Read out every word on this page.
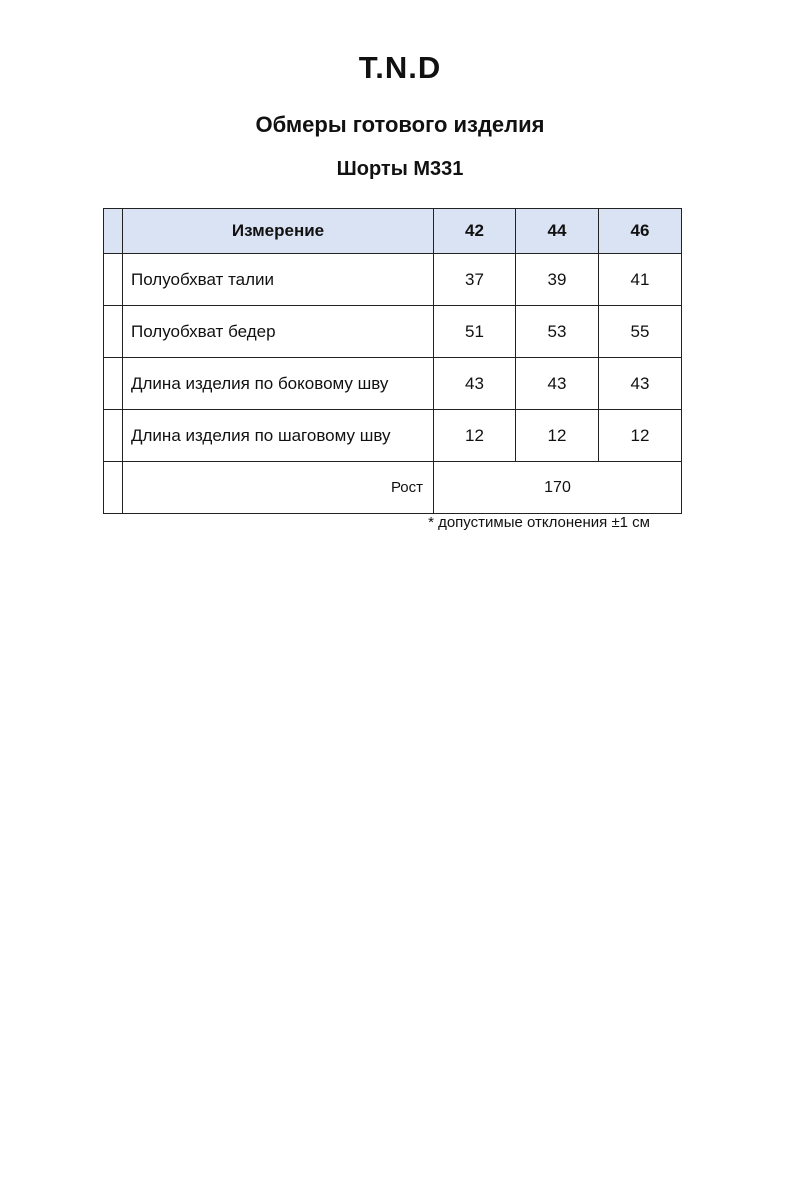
T.N.D
Обмеры готового изделия
Шорты М331
	Измерение	42	44	46
	Полуобхват талии	37	39	41
	Полуобхват бедер	51	53	55
	Длина изделия по боковому шву	43	43	43
	Длина изделия по шаговому шву	12	12	12
	Рост	170		
* допустимые отклонения ±1 см
